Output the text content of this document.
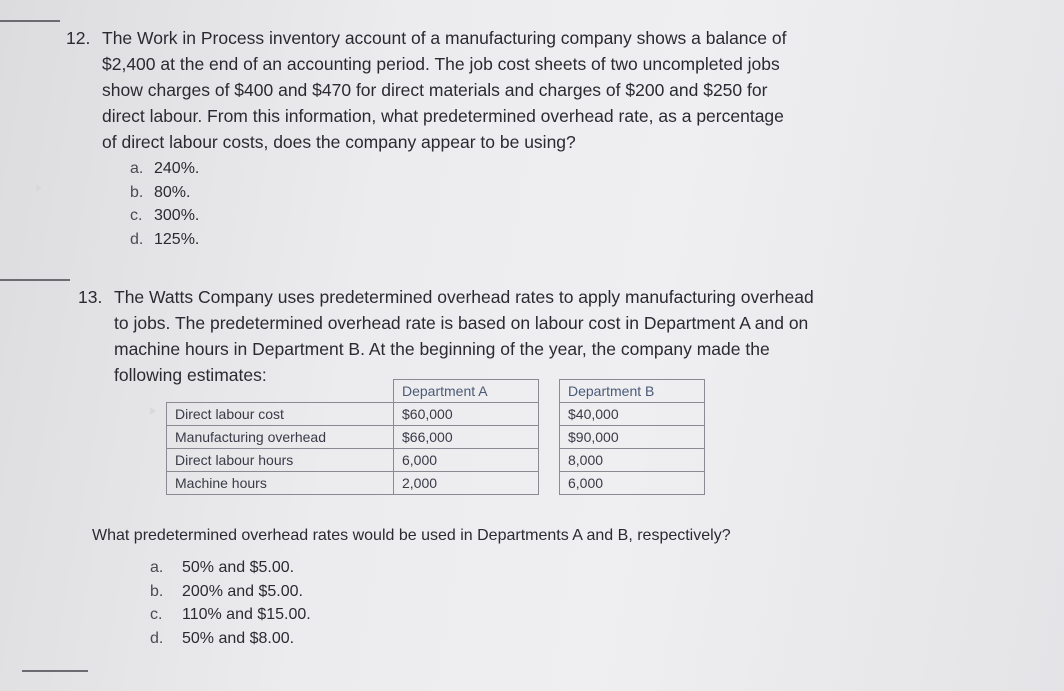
12. The Work in Process inventory account of a manufacturing company shows a balance of
$2,400 at the end of an accounting period. The job cost sheets of two uncompleted jobs
show charges of $400 and $470 for direct materials and charges of $200 and $250 for
direct labour. From this information, what predetermined overhead rate, as a percentage
of direct labour costs, does the company appear to be using?
a. 240%.
b. 80%.
c. 300%.
d. 125%.
13. The Watts Company uses predetermined overhead rates to apply manufacturing overhead
to jobs. The predetermined overhead rate is based on labour cost in Department A and on
machine hours in Department B. At the beginning of the year, the company made the
following estimates:
	Department A		Department B
Direct labour cost	$60,000		$40,000
Manufacturing overhead	$66,000		$90,000
Direct labour hours	6,000		8,000
Machine hours	2,000		6,000
What predetermined overhead rates would be used in Departments A and B, respectively?
a.	50% and $5.00.
b.	200% and $5.00.
c.	110% and $15.00.
d.	50% and $8.00.
